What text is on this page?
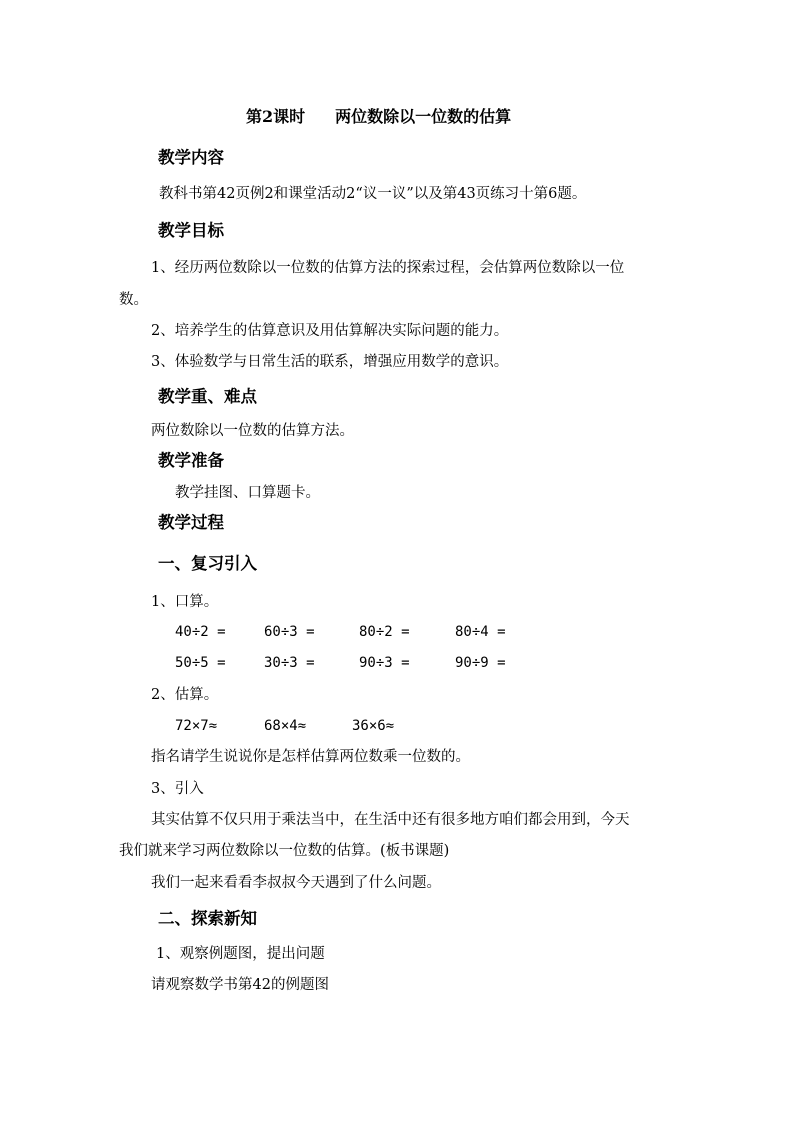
第2课时 两位数除以一位数的估算
教学内容
教科书第42页例2和课堂活动2“议一议”以及第43页练习十第6题。
教学目标
1、经历两位数除以一位数的估算方法的探索过程，会估算两位数除以一位
数。
2、培养学生的估算意识及用估算解决实际问题的能力。
3、体验数学与日常生活的联系，增强应用数学的意识。
教学重、难点
两位数除以一位数的估算方法。
教学准备
教学挂图、口算题卡。
教学过程
一、复习引入
1、口算。
40÷2 =	60÷3 =	80÷2 =	80÷4 =
50÷5 =	30÷3 =	90÷3 =	90÷9 =
2、估算。
72×7≈	68×4≈	36×6≈
指名请学生说说你是怎样估算两位数乘一位数的。
3、引入
其实估算不仅只用于乘法当中，在生活中还有很多地方咱们都会用到，今天
我们就来学习两位数除以一位数的估算。(板书课题)
我们一起来看看李叔叔今天遇到了什么问题。
二、探索新知
1、观察例题图，提出问题
请观察数学书第42的例题图
